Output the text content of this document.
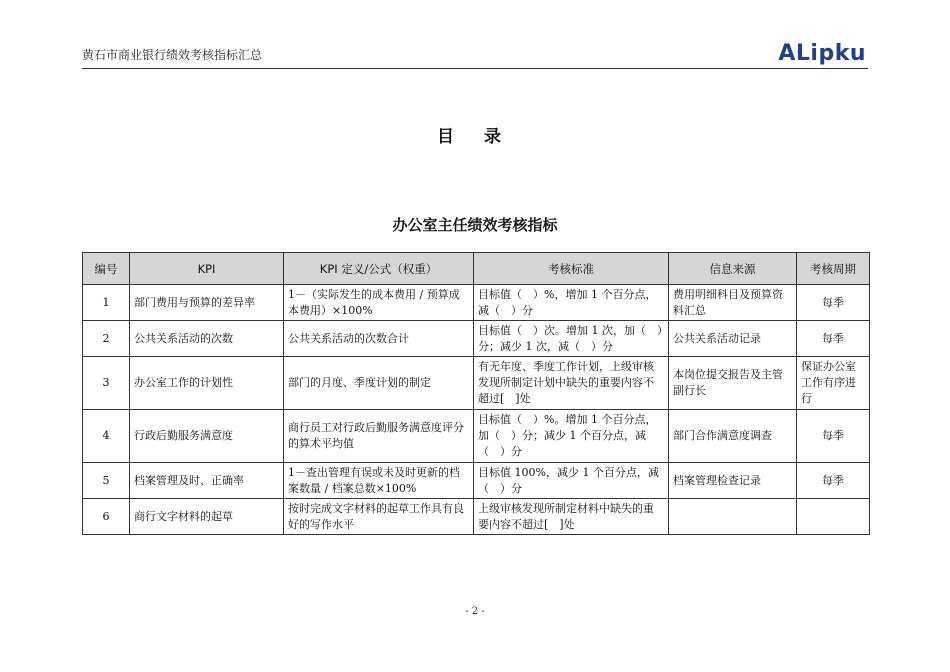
黄石市商业银行绩效考核指标汇总	ALipku
目 录
办公室主任绩效考核指标
编号	KPI	KPI 定义/公式（权重）	考核标准	信息来源	考核周期
1	部门费用与预算的差异率	1－（实际发生的成本费用 / 预算成本费用）×100%	目标值（　）%，增加 1 个百分点，减（　）分	费用明细科目及预算资料汇总	每季
2	公共关系活动的次数	公共关系活动的次数合计	目标值（　）次。增加 1 次，加（　）分；减少 1 次，减（　）分	公共关系活动记录	每季
3	办公室工作的计划性	部门的月度、季度计划的制定	有无年度、季度工作计划，上级审核发现所制定计划中缺失的重要内容不超过[　]处	本岗位提交报告及主管副行长	保证办公室工作有序进行
4	行政后勤服务满意度	商行员工对行政后勤服务满意度评分的算术平均值	目标值（　）%。增加 1 个百分点，加（　）分；减少 1 个百分点，减（　）分	部门合作满意度调查	每季
5	档案管理及时、正确率	1－查出管理有误或未及时更新的档案数量 / 档案总数×100%	目标值 100%，减少 1 个百分点，减（　）分	档案管理检查记录	每季
6	商行文字材料的起草	按时完成文字材料的起草工作具有良好的写作水平	上级审核发现所制定材料中缺失的重要内容不超过[　]处		
- 2 -
